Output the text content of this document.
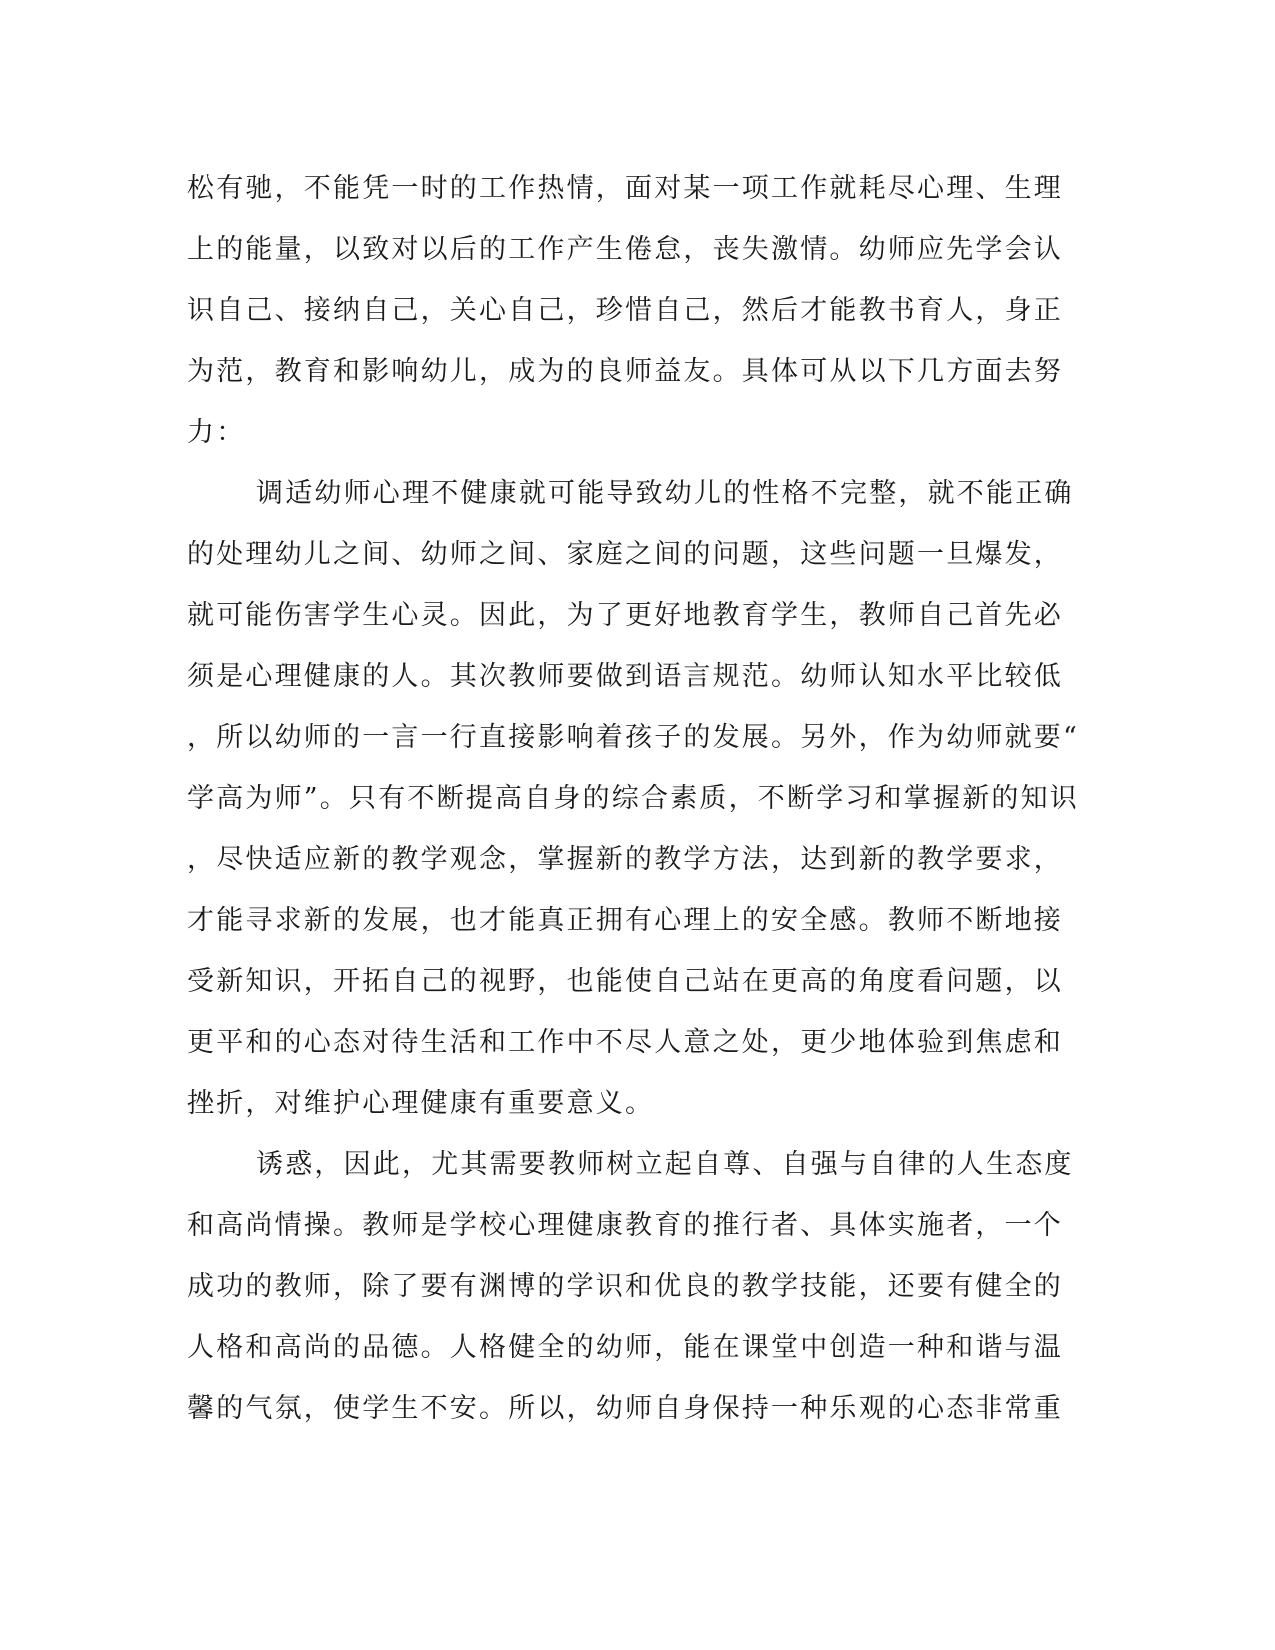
松有驰，不能凭一时的工作热情，面对某一项工作就耗尽心理、生理
上的能量，以致对以后的工作产生倦怠，丧失激情。幼师应先学会认
识自己、接纳自己，关心自己，珍惜自己，然后才能教书育人，身正
为范，教育和影响幼儿，成为的良师益友。具体可从以下几方面去努
力：
调适幼师心理不健康就可能导致幼儿的性格不完整，就不能正确
的处理幼儿之间、幼师之间、家庭之间的问题，这些问题一旦爆发，
就可能伤害学生心灵。因此，为了更好地教育学生，教师自己首先必
须是心理健康的人。其次教师要做到语言规范。幼师认知水平比较低
，所以幼师的一言一行直接影响着孩子的发展。另外，作为幼师就要“
学高为师”。只有不断提高自身的综合素质，不断学习和掌握新的知识
，尽快适应新的教学观念，掌握新的教学方法，达到新的教学要求，
才能寻求新的发展，也才能真正拥有心理上的安全感。教师不断地接
受新知识，开拓自己的视野，也能使自己站在更高的角度看问题，以
更平和的心态对待生活和工作中不尽人意之处，更少地体验到焦虑和
挫折，对维护心理健康有重要意义。
诱惑，因此，尤其需要教师树立起自尊、自强与自律的人生态度
和高尚情操。教师是学校心理健康教育的推行者、具体实施者，一个
成功的教师，除了要有渊博的学识和优良的教学技能，还要有健全的
人格和高尚的品德。人格健全的幼师，能在课堂中创造一种和谐与温
馨的气氛，使学生不安。所以，幼师自身保持一种乐观的心态非常重
